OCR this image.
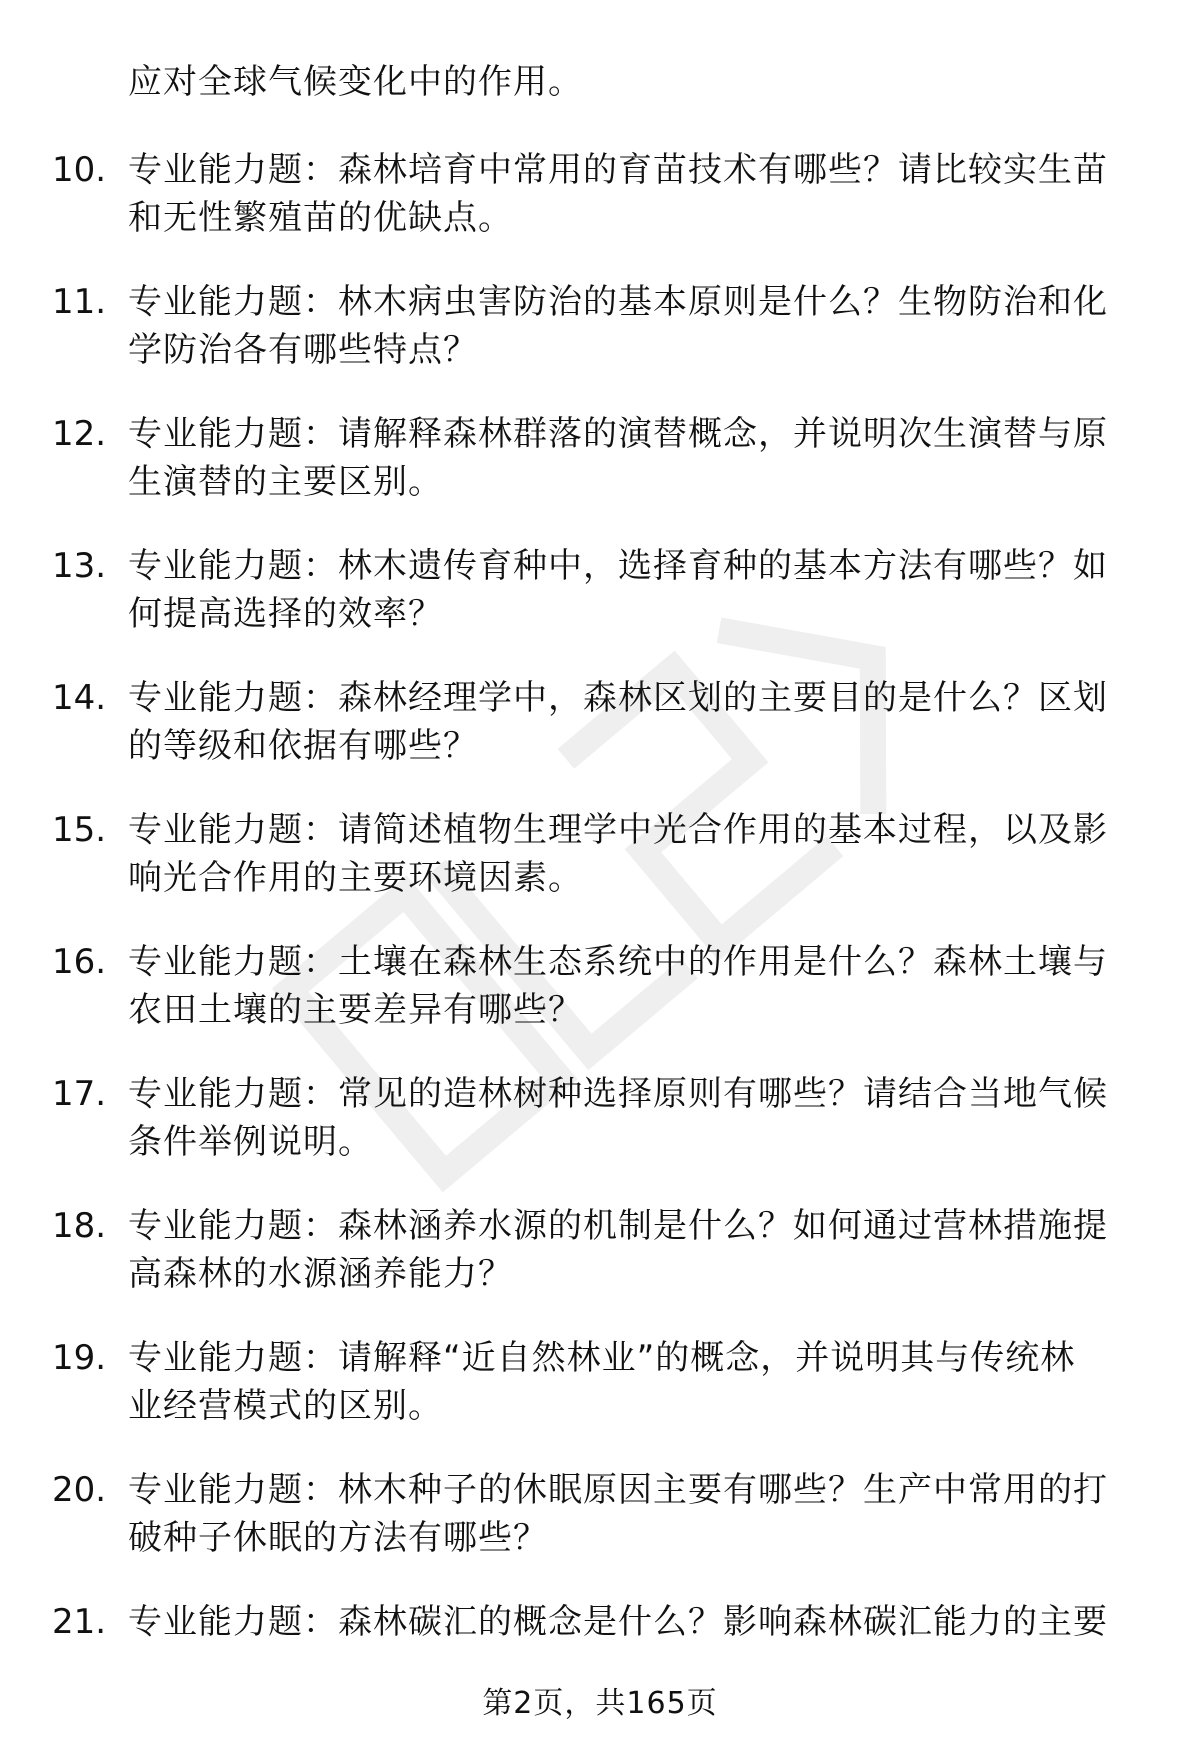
应对全球气候变化中的作用。
10. 专业能力题：森林培育中常用的育苗技术有哪些？请比较实生苗
和无性繁殖苗的优缺点。
11. 专业能力题：林木病虫害防治的基本原则是什么？生物防治和化
学防治各有哪些特点？
12. 专业能力题：请解释森林群落的演替概念，并说明次生演替与原
生演替的主要区别。
13. 专业能力题：林木遗传育种中，选择育种的基本方法有哪些？如
何提高选择的效率？
14. 专业能力题：森林经理学中，森林区划的主要目的是什么？区划
的等级和依据有哪些？
15. 专业能力题：请简述植物生理学中光合作用的基本过程，以及影
响光合作用的主要环境因素。
16. 专业能力题：土壤在森林生态系统中的作用是什么？森林土壤与
农田土壤的主要差异有哪些？
17. 专业能力题：常见的造林树种选择原则有哪些？请结合当地气候
条件举例说明。
18. 专业能力题：森林涵养水源的机制是什么？如何通过营林措施提
高森林的水源涵养能力？
19. 专业能力题：请解释“近自然林业”的概念，并说明其与传统林
业经营模式的区别。
20. 专业能力题：林木种子的休眠原因主要有哪些？生产中常用的打
破种子休眠的方法有哪些？
21. 专业能力题：森林碳汇的概念是什么？影响森林碳汇能力的主要
第2页，共165页
